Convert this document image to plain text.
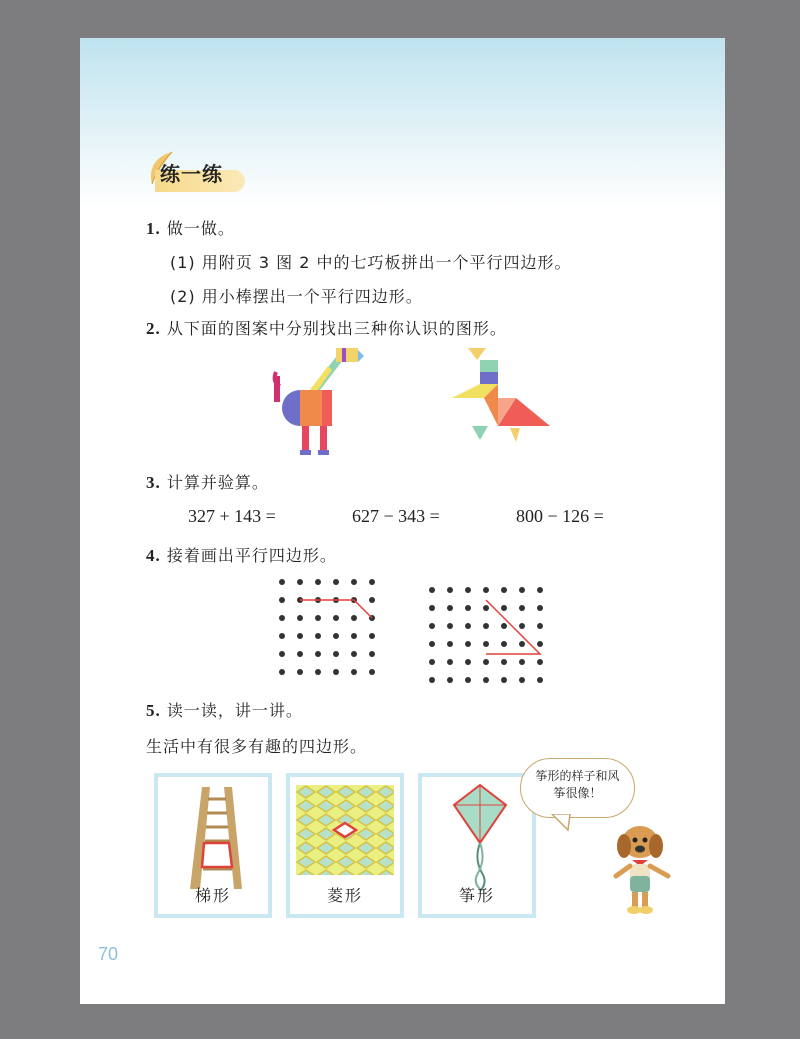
练一练
1. 做一做。
(1) 用附页 3 图 2 中的七巧板拼出一个平行四边形。
(2) 用小棒摆出一个平行四边形。
2. 从下面的图案中分别找出三种你认识的图形。
3. 计算并验算。
327 + 143 =	627 − 343 =	800 − 126 =
4. 接着画出平行四边形。
5. 读一读，讲一讲。
生活中有很多有趣的四边形。
梯形	菱形	筝形
筝形的样子和风
筝很像！
70
